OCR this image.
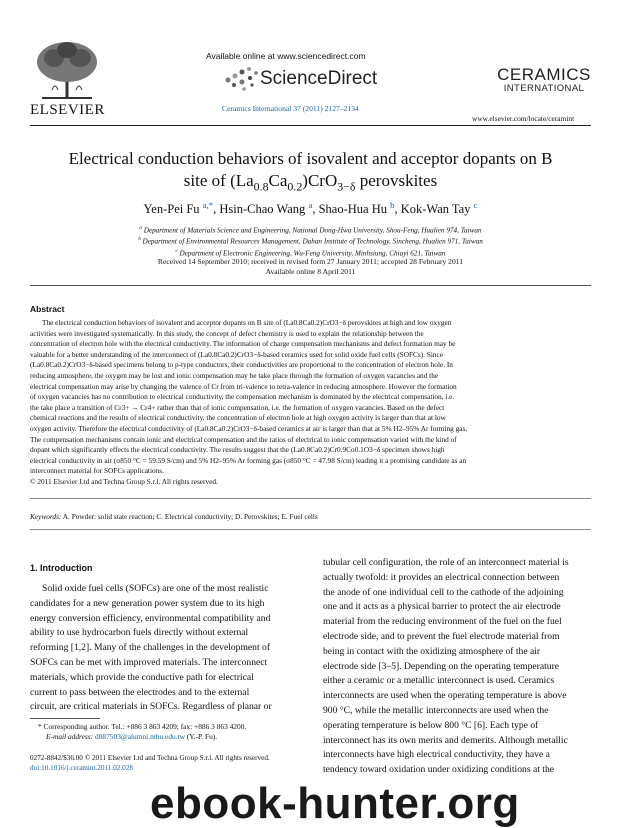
ELSEVIER
Available online at www.sciencedirect.com
ScienceDirect
Ceramics International 37 (2011) 2127–2134
CERAMICS
INTERNATIONAL
www.elsevier.com/locate/ceramint
Electrical conduction behaviors of isovalent and acceptor dopants on B
site of $(La_{0.8}Ca_{0.2})CrO_{3-\delta}$ perovskites
Yen-Pei Fu $^{a,*}$, Hsin-Chao Wang $^a$, Shao-Hua Hu $^b$, Kok-Wan Tay $^c$
$^a$ Department of Materials Science and Engineering, National Dong-Hwa University, Shou-Feng, Hualien 974, Taiwan
$^b$ Department of Environmental Resources Management, Dahan Institute of Technology, Sincheng, Hualien 971, Taiwan
$^c$ Department of Electronic Engineering, Wu-Feng University, Minhsiung, Chiayi 621, Taiwan
Received 14 September 2010; received in revised form 27 January 2011; accepted 28 February 2011
Available online 8 April 2011
Abstract
The electrical conduction behaviors of isovalent and acceptor dopants on B site of (La0.8Ca0.2)CrO3−δ perovskites at high and low oxygen
activities were investigated systematically. In this study, the concept of defect chemistry is used to explain the relationship between the
concentration of electron hole with the electrical conductivity. The information of charge compensation mechanisms and defect formation may be
valuable for a better understanding of the interconnect of (La0.8Ca0.2)CrO3−δ-based ceramics used for solid oxide fuel cells (SOFCs). Since
(La0.8Ca0.2)CrO3−δ-based specimens belong to p-type conductors, their conductivities are proportional to the concentration of electron hole. In
reducing atmosphere, the oxygen may be lost and ionic compensation may be take place through the formation of oxygen vacancies and the
electrical compensation may arise by changing the valence of Cr from tri-valence to tetra-valence in reducing atmosphere. However the formation
of oxygen vacancies has no contribution to electrical conductivity, the compensation mechanism is dominated by the electrical compensation, i.e.
the take place a transition of Cr3+ → Cr4+ rather than that of ionic compensation, i.e. the formation of oxygen vacancies. Based on the defect
chemical reactions and the results of electrical conductivity, the concentration of electron hole at high oxygen activity is larger than that at low
oxygen activity. Therefore the electrical conductivity of (La0.8Ca0.2)CrO3−δ-based ceramics at air is larger than that at 5% H2–95% Ar forming gas.
The compensation mechanisms contain ionic and electrical compensation and the ratios of electrical to ionic compensation varied with the kind of
dopant which significantly effects the electrical conductivity. The results suggest that the (La0.8Ca0.2)Cr0.9Co0.1O3−δ specimen shows high
electrical conductivity in air (σ850 °C = 59.59 S/cm) and 5% H2–95% Ar forming gas (σ850 °C = 47.98 S/cm) leading it a promising candidate as an
interconnect material for SOFCs applications.
© 2011 Elsevier Ltd and Techna Group S.r.l. All rights reserved.
Keywords: A. Powder: solid state reaction; C. Electrical conductivity; D. Perovskites; E. Fuel cells
1. Introduction
Solid oxide fuel cells (SOFCs) are one of the most realistic
candidates for a new generation power system due to its high
energy conversion efficiency, environmental compatibility and
ability to use hydrocarbon fuels directly without external
reforming [1,2]. Many of the challenges in the development of
SOFCs can be met with improved materials. The interconnect
materials, which provide the conductive path for electrical
current to pass between the electrodes and to the external
circuit, are critical materials in SOFCs. Regardless of planar or
tubular cell configuration, the role of an interconnect material is
actually twofold: it provides an electrical connection between
the anode of one individual cell to the cathode of the adjoining
one and it acts as a physical barrier to protect the air electrode
material from the reducing environment of the fuel on the fuel
electrode side, and to prevent the fuel electrode material from
being in contact with the oxidizing atmosphere of the air
electrode side [3–5]. Depending on the operating temperature
either a ceramic or a metallic interconnect is used. Ceramics
interconnects are used when the operating temperature is above
900 °C, while the metallic interconnects are used when the
operating temperature is below 800 °C [6]. Each type of
interconnect has its own merits and demerits. Although metallic
interconnects have high electrical conductivity, they have a
tendency toward oxidation under oxidizing conditions at the
* Corresponding author. Tel.: +886 3 863 4209; fax: +886 3 863 4200.
E-mail address: d887503@alumni.nthu.edu.tw (Y.-P. Fu).
0272-8842/$36.00 © 2011 Elsevier Ltd and Techna Group S.r.l. All rights reserved.
doi:10.1016/j.ceramint.2011.02.028
ebook-hunter.org
